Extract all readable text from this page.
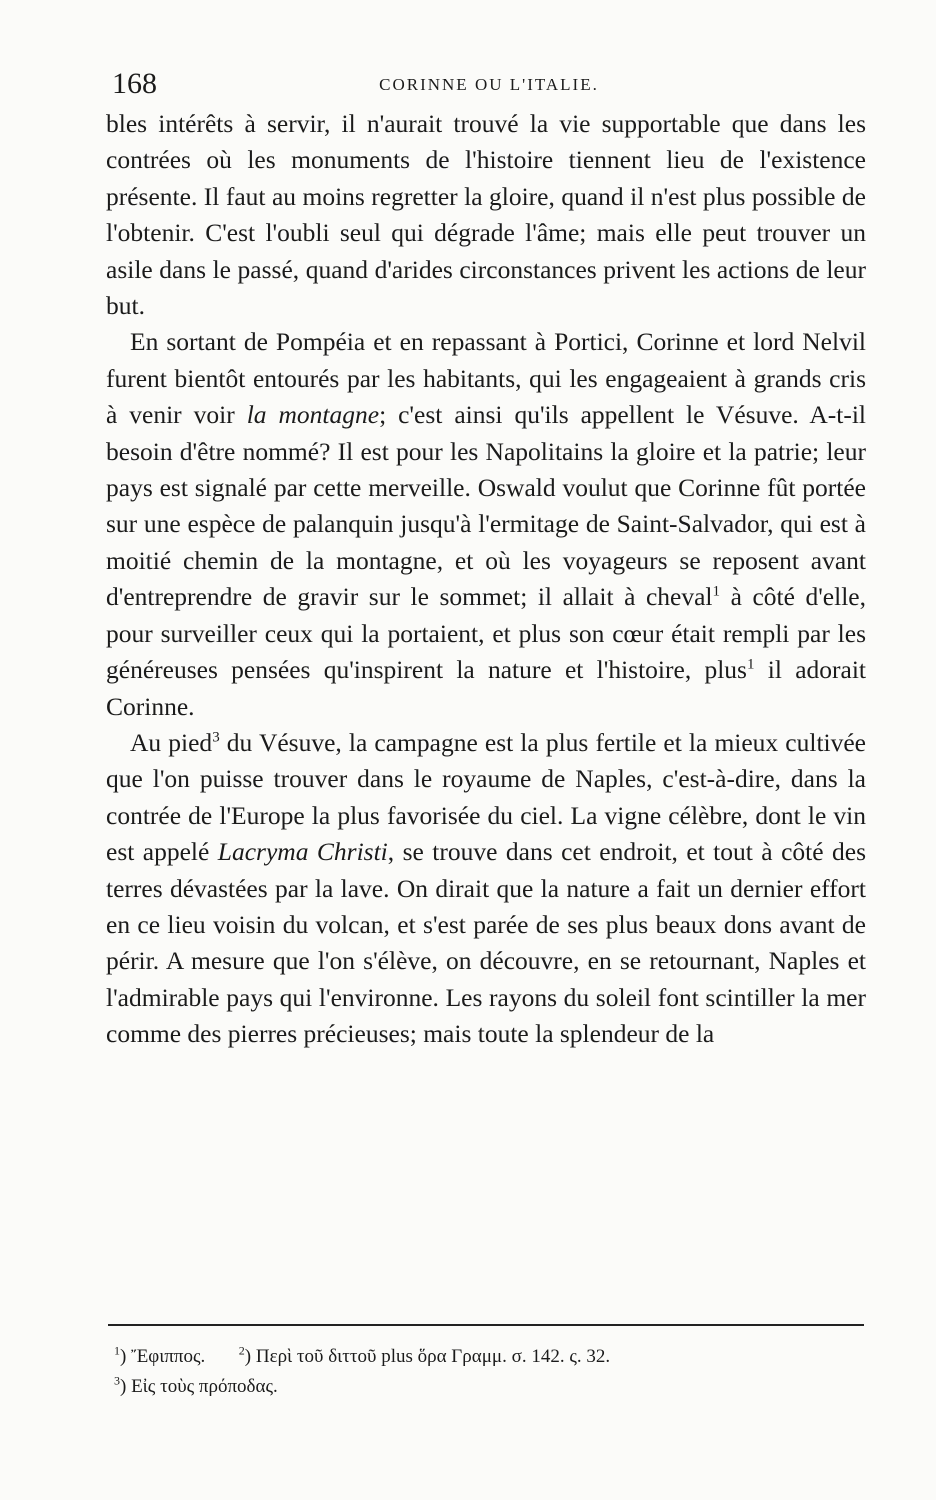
168	CORINNE OU L'ITALIE.

bles intérêts à servir, il n'aurait trouvé la vie supportable que dans les contrées où les monuments de l'histoire tiennent lieu de l'existence présente. Il faut au moins regretter la gloire, quand il n'est plus possible de l'obtenir. C'est l'oubli seul qui dégrade l'âme; mais elle peut trouver un asile dans le passé, quand d'arides circonstances privent les actions de leur but.

En sortant de Pompéia et en repassant à Portici, Corinne et lord Nelvil furent bientôt entourés par les habitants, qui les engageaient à grands cris à venir voir la montagne; c'est ainsi qu'ils appellent le Vésuve. A-t-il besoin d'être nommé? Il est pour les Napolitains la gloire et la patrie; leur pays est signalé par cette merveille. Oswald voulut que Corinne fût portée sur une espèce de palanquin jusqu'à l'ermitage de Saint-Salvador, qui est à moitié chemin de la montagne, et où les voyageurs se reposent avant d'entreprendre de gravir sur le sommet; il allait à cheval$^1$ à côté d'elle, pour surveiller ceux qui la portaient, et plus son cœur était rempli par les généreuses pensées qu'inspirent la nature et l'histoire, plus$^1$ il adorait Corinne.

Au pied$^3$ du Vésuve, la campagne est la plus fertile et la mieux cultivée que l'on puisse trouver dans le royaume de Naples, c'est-à-dire, dans la contrée de l'Europe la plus favorisée du ciel. La vigne célèbre, dont le vin est appelé Lacryma Christi, se trouve dans cet endroit, et tout à côté des terres dévastées par la lave. On dirait que la nature a fait un dernier effort en ce lieu voisin du volcan, et s'est parée de ses plus beaux dons avant de périr. A mesure que l'on s'élève, on découvre, en se retournant, Naples et l'admirable pays qui l'environne. Les rayons du soleil font scintiller la mer comme des pierres précieuses; mais toute la splendeur de la

$^1$) Ἔφιππος.	$^2$) Περὶ τοῦ διττοῦ plus ὅρα Γραμμ. σ. 142. ς. 32.
$^3$) Εἰς τοὺς πρόποδας.
